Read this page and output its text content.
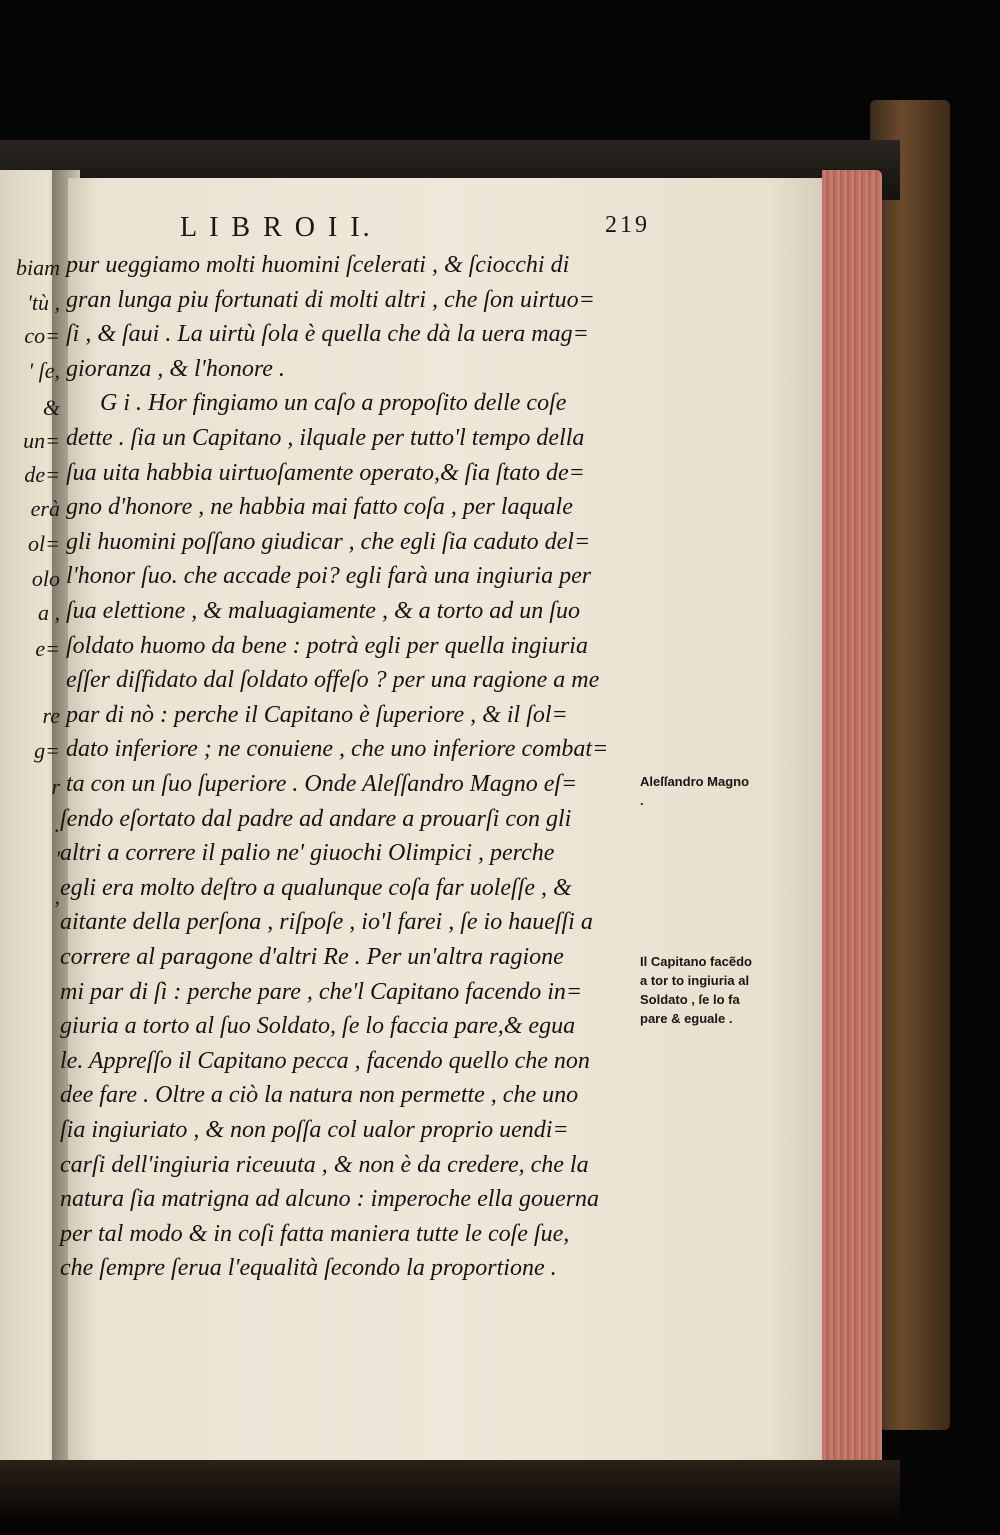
biam
'tù ,
co=
' ſe,
&
un=
de=
erà
ol=
olo
a ,
e=
re
g=
r
.
'
,
L I B R O I I.	219
pur ueggiamo molti huomini ſcelerati , & ſciocchi di
gran lunga piu fortunati di molti altri , che ſon uirtuo=
ſi , & ſaui . La uirtù ſola è quella che dà la uera mag=
gioranza , & l'honore .
G i . Hor fingiamo un caſo a propoſito delle coſe
dette . ſia un Capitano , ilquale per tutto'l tempo della
ſua uita habbia uirtuoſamente operato,& ſia ſtato de=
gno d'honore , ne habbia mai fatto coſa , per laquale
gli huomini poſſano giudicar , che egli ſia caduto del=
l'honor ſuo. che accade poi? egli farà una ingiuria per
ſua elettione , & maluagiamente , & a torto ad un ſuo
ſoldato huomo da bene : potrà egli per quella ingiuria
eſſer diſfidato dal ſoldato offeſo ? per una ragione a me
par di nò : perche il Capitano è ſuperiore , & il ſol=
dato inferiore ; ne conuiene , che uno inferiore combat=
ta con un ſuo ſuperiore . Onde Aleſſandro Magno eſ=
ſendo eſortato dal padre ad andare a prouarſi con gli
altri a correre il palio ne' giuochi Olimpici , perche
egli era molto deſtro a qualunque coſa far uoleſſe , &
aitante della perſona , riſpoſe , io'l farei , ſe io haueſſi a
correre al paragone d'altri Re . Per un'altra ragione
mi par di ſì : perche pare , che'l Capitano facendo in=
giuria a torto al ſuo Soldato, ſe lo faccia pare,& egua
le. Appreſſo il Capitano pecca , facendo quello che non
dee fare . Oltre a ciò la natura non permette , che uno
ſia ingiuriato , & non poſſa col ualor proprio uendi=
carſi dell'ingiuria riceuuta , & non è da credere, che la
natura ſia matrigna ad alcuno : imperoche ella gouerna
per tal modo & in coſi fatta maniera tutte le coſe ſue,
che ſempre ſerua l'equalità ſecondo la proportione .
Aleſſandro Magno .
Il Capitano facẽdo a tor to ingiuria al Soldato , ſe lo fa pare & eguale .
